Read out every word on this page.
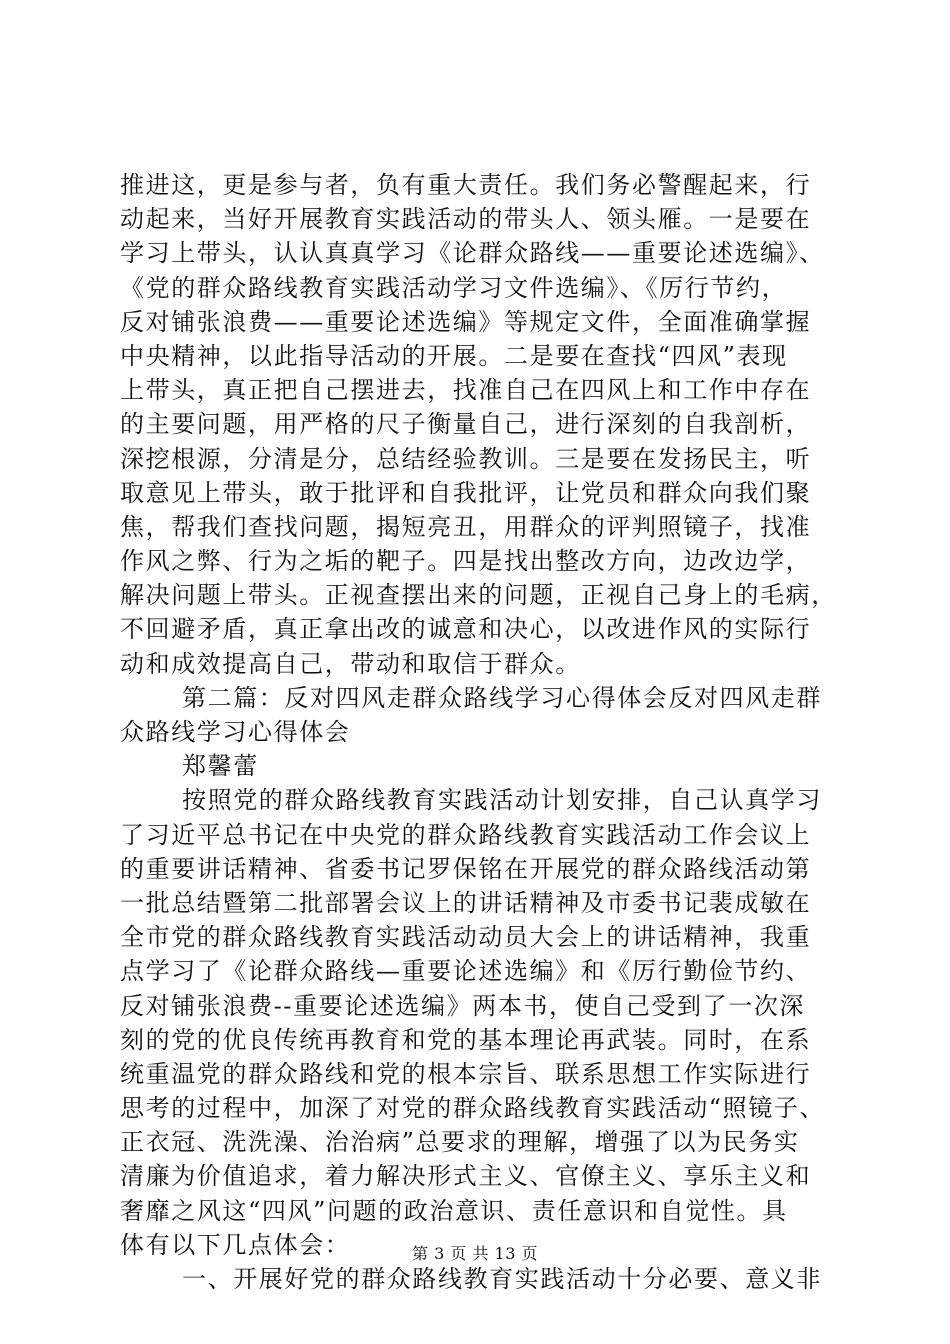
推进这，更是参与者，负有重大责任。我们务必警醒起来，行
动起来，当好开展教育实践活动的带头人、领头雁。一是要在
学习上带头，认认真真学习《论群众路线——重要论述选编》、
《党的群众路线教育实践活动学习文件选编》、《厉行节约，
反对铺张浪费——重要论述选编》等规定文件，全面准确掌握
中央精神，以此指导活动的开展。二是要在查找“四风”表现
上带头，真正把自己摆进去，找准自己在四风上和工作中存在
的主要问题，用严格的尺子衡量自己，进行深刻的自我剖析，
深挖根源，分清是分，总结经验教训。三是要在发扬民主，听
取意见上带头，敢于批评和自我批评，让党员和群众向我们聚
焦，帮我们查找问题，揭短亮丑，用群众的评判照镜子，找准
作风之弊、行为之垢的靶子。四是找出整改方向，边改边学，
解决问题上带头。正视查摆出来的问题，正视自己身上的毛病，
不回避矛盾，真正拿出改的诚意和决心，以改进作风的实际行
动和成效提高自己，带动和取信于群众。
第二篇：反对四风走群众路线学习心得体会反对四风走群
众路线学习心得体会
郑馨蕾
按照党的群众路线教育实践活动计划安排，自己认真学习
了习近平总书记在中央党的群众路线教育实践活动工作会议上
的重要讲话精神、省委书记罗保铭在开展党的群众路线活动第
一批总结暨第二批部署会议上的讲话精神及市委书记裴成敏在
全市党的群众路线教育实践活动动员大会上的讲话精神，我重
点学习了《论群众路线—重要论述选编》和《厉行勤俭节约、
反对铺张浪费--重要论述选编》两本书，使自己受到了一次深
刻的党的优良传统再教育和党的基本理论再武装。同时，在系
统重温党的群众路线和党的根本宗旨、联系思想工作实际进行
思考的过程中，加深了对党的群众路线教育实践活动“照镜子、
正衣冠、洗洗澡、治治病”总要求的理解，增强了以为民务实
清廉为价值追求，着力解决形式主义、官僚主义、享乐主义和
奢靡之风这“四风”问题的政治意识、责任意识和自觉性。具
体有以下几点体会：
一、开展好党的群众路线教育实践活动十分必要、意义非
第 3 页 共 13 页
